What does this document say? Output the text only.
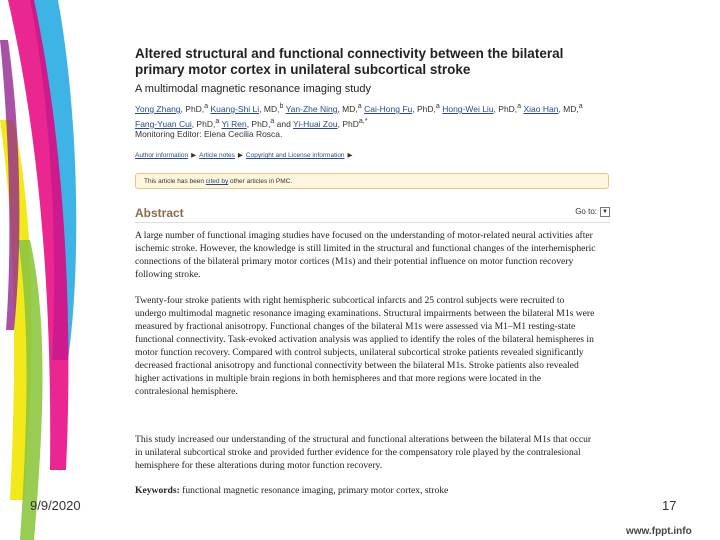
Altered structural and functional connectivity between the bilateral primary motor cortex in unilateral subcortical stroke
A multimodal magnetic resonance imaging study
Yong Zhang, PhD,$^a$ Kuang-Shi Li, MD,$^b$ Yan-Zhe Ning, MD,$^a$ Cai-Hong Fu, PhD,$^a$ Hong-Wei Liu, PhD,$^a$ Xiao Han, MD,$^a$
Fang-Yuan Cui, PhD,$^a$ Yi Ren, PhD,$^a$ and Yi-Huai Zou, PhD$^{a,*}$
Monitoring Editor: Elena Cecilia Rosca.
Author information ▶ Article notes ▶ Copyright and License information ▶
This article has been cited by other articles in PMC.
Abstract	Go to: ▼

A large number of functional imaging studies have focused on the understanding of motor-related neural activities after ischemic stroke. However, the knowledge is still limited in the structural and functional changes of the interhemispheric connections of the bilateral primary motor cortices (M1s) and their potential influence on motor function recovery following stroke.

Twenty-four stroke patients with right hemispheric subcortical infarcts and 25 control subjects were recruited to undergo multimodal magnetic resonance imaging examinations. Structural impairments between the bilateral M1s were measured by fractional anisotropy. Functional changes of the bilateral M1s were assessed via M1–M1 resting-state functional connectivity. Task-evoked activation analysis was applied to identify the roles of the bilateral hemispheres in motor function recovery. Compared with control subjects, unilateral subcortical stroke patients revealed significantly decreased fractional anisotropy and functional connectivity between the bilateral M1s. Stroke patients also revealed higher activations in multiple brain regions in both hemispheres and that more regions were located in the contralesional hemisphere.

This study increased our understanding of the structural and functional alterations between the bilateral M1s that occur in unilateral subcortical stroke and provided further evidence for the compensatory role played by the contralesional hemisphere for these alterations during motor function recovery.

Keywords: functional magnetic resonance imaging, primary motor cortex, stroke
9/9/2020	17
www.fppt.info
